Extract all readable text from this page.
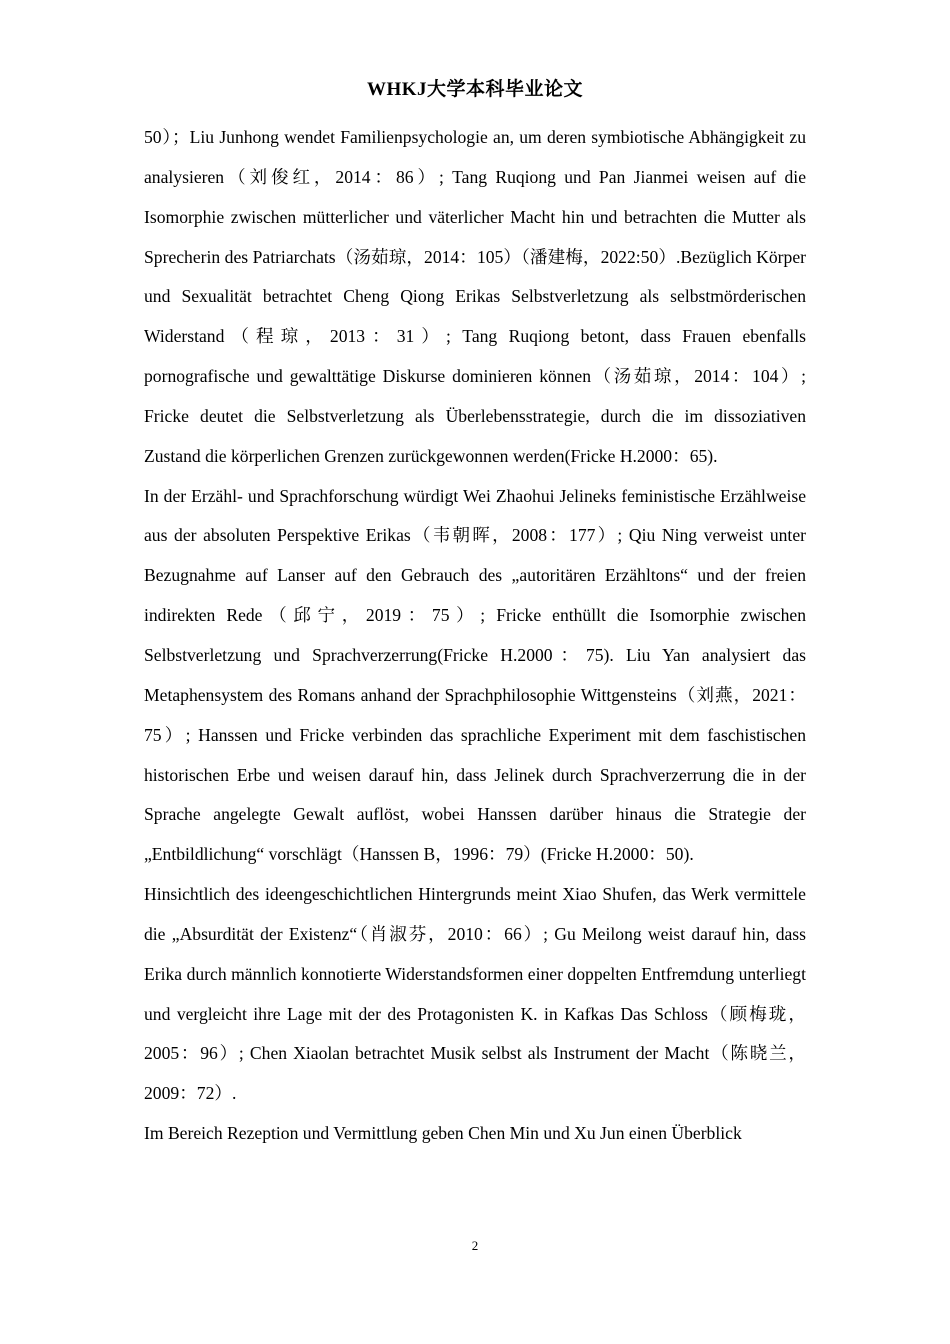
WHKJ大学本科毕业论文

50）；Liu Junhong wendet Familienpsychologie an, um deren symbiotische Abhängigkeit zu analysieren（刘俊红，2014：86）; Tang Ruqiong und Pan Jianmei weisen auf die Isomorphie zwischen mütterlicher und väterlicher Macht hin und betrachten die Mutter als Sprecherin des Patriarchats（汤茹琼，2014：105）（潘建梅，2022:50）.Bezüglich Körper und Sexualität betrachtet Cheng Qiong Erikas Selbstverletzung als selbstmörderischen Widerstand（程琼，2013：31）; Tang Ruqiong betont, dass Frauen ebenfalls pornografische und gewalttätige Diskurse dominieren können（汤茹琼，2014：104）; Fricke deutet die Selbstverletzung als Überlebensstrategie, durch die im dissoziativen Zustand die körperlichen Grenzen zurückgewonnen werden(Fricke H.2000：65).

In der Erzähl- und Sprachforschung würdigt Wei Zhaohui Jelineks feministische Erzählweise aus der absoluten Perspektive Erikas（韦朝晖，2008：177）; Qiu Ning verweist unter Bezugnahme auf Lanser auf den Gebrauch des „autoritären Erzähltons“ und der freien indirekten Rede（邱宁，2019：75）; Fricke enthüllt die Isomorphie zwischen Selbstverletzung und Sprachverzerrung(Fricke H.2000：75). Liu Yan analysiert das Metaphensystem des Romans anhand der Sprachphilosophie Wittgensteins（刘燕，2021：75）; Hanssen und Fricke verbinden das sprachliche Experiment mit dem faschistischen historischen Erbe und weisen darauf hin, dass Jelinek durch Sprachverzerrung die in der Sprache angelegte Gewalt auflöst, wobei Hanssen darüber hinaus die Strategie der „Entbildlichung“ vorschlägt（Hanssen B，1996：79）(Fricke H.2000：50).

Hinsichtlich des ideengeschichtlichen Hintergrunds meint Xiao Shufen, das Werk vermittele die „Absurdität der Existenz“（肖淑芬，2010：66）; Gu Meilong weist darauf hin, dass Erika durch männlich konnotierte Widerstandsformen einer doppelten Entfremdung unterliegt und vergleicht ihre Lage mit der des Protagonisten K. in Kafkas Das Schloss（顾梅珑，2005：96）; Chen Xiaolan betrachtet Musik selbst als Instrument der Macht（陈晓兰，2009：72）.

Im Bereich Rezeption und Vermittlung geben Chen Min und Xu Jun einen Überblick

2
